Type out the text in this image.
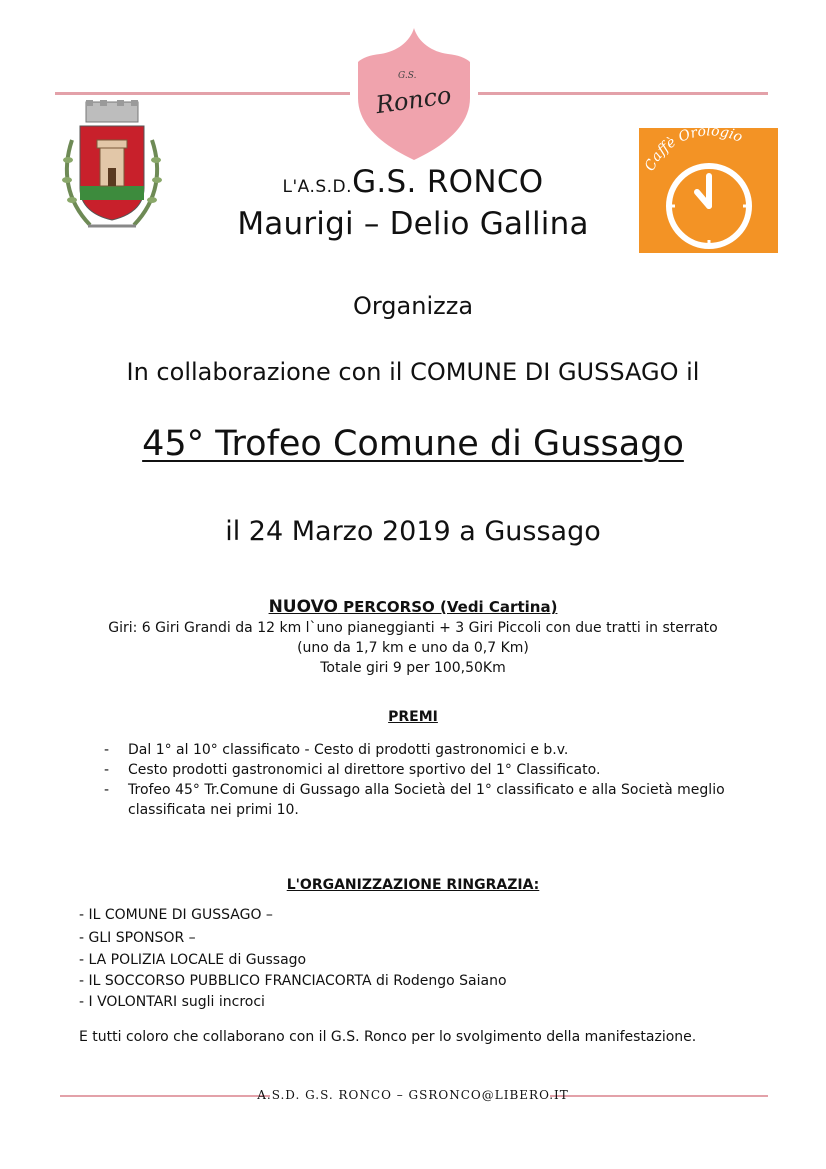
G.S.
Ronco
Caffè Orologio
L'A.S.D.G.S. RONCO
Maurigi – Delio Gallina
Organizza
In collaborazione con il COMUNE DI GUSSAGO il
45° Trofeo Comune di Gussago
il 24 Marzo 2019 a Gussago
NUOVO PERCORSO (Vedi Cartina)
Giri: 6 Giri Grandi da 12 km l`uno pianeggianti + 3 Giri Piccoli con due tratti in sterrato
(uno da 1,7 km e uno da 0,7 Km)
Totale giri 9 per 100,50Km
PREMI
- Dal 1° al 10° classificato - Cesto di prodotti gastronomici e b.v.
- Cesto prodotti gastronomici al direttore sportivo del 1° Classificato.
- Trofeo 45° Tr.Comune di Gussago alla Società del 1° classificato e alla Società meglio classificata nei primi 10.
L'ORGANIZZAZIONE RINGRAZIA:
- IL COMUNE DI GUSSAGO –
- GLI SPONSOR –
- LA POLIZIA LOCALE di Gussago
- IL SOCCORSO PUBBLICO FRANCIACORTA di Rodengo Saiano
- I VOLONTARI sugli incroci
E tutti coloro che collaborano con il G.S. Ronco per lo svolgimento della manifestazione.
A.S.D. G.S. RONCO – GSRONCO@LIBERO.IT
